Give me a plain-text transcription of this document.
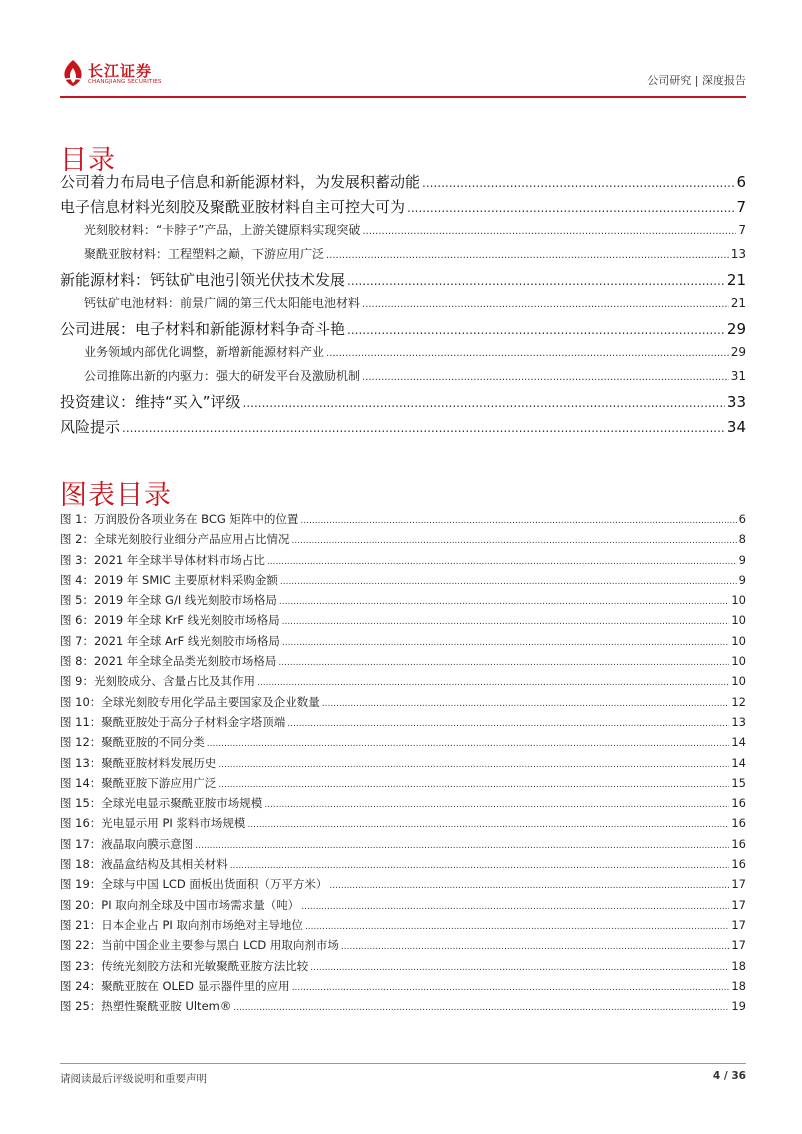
长江证券
CHANGJIANG SECURITIES	公司研究 | 深度报告
目录
公司着力布局电子信息和新能源材料，为发展积蓄动能 .....	6
电子信息材料光刻胶及聚酰亚胺材料自主可控大可为 .....	7
光刻胶材料：“卡脖子”产品，上游关键原料实现突破 .....	7
聚酰亚胺材料：工程塑料之巅，下游应用广泛 .....	13
新能源材料：钙钛矿电池引领光伏技术发展 .....	21
钙钛矿电池材料：前景广阔的第三代太阳能电池材料 .....	21
公司进展：电子材料和新能源材料争奇斗艳 .....	29
业务领域内部优化调整，新增新能源材料产业 .....	29
公司推陈出新的内驱力：强大的研发平台及激励机制 .....	31
投资建议：维持“买入”评级 .....	33
风险提示 .....	34
图表目录
图 1：万润股份各项业务在 BCG 矩阵中的位置 .....	6
图 2：全球光刻胶行业细分产品应用占比情况 .....	8
图 3：2021 年全球半导体材料市场占比 .....	9
图 4：2019 年 SMIC 主要原材料采购金额 .....	9
图 5：2019 年全球 G/I 线光刻胶市场格局 .....	10
图 6：2019 年全球 KrF 线光刻胶市场格局 .....	10
图 7：2021 年全球 ArF 线光刻胶市场格局 .....	10
图 8：2021 年全球全品类光刻胶市场格局 .....	10
图 9：光刻胶成分、含量占比及其作用 .....	10
图 10：全球光刻胶专用化学品主要国家及企业数量 .....	12
图 11：聚酰亚胺处于高分子材料金字塔顶端 .....	13
图 12：聚酰亚胺的不同分类 .....	14
图 13：聚酰亚胺材料发展历史 .....	14
图 14：聚酰亚胺下游应用广泛 .....	15
图 15：全球光电显示聚酰亚胺市场规模 .....	16
图 16：光电显示用 PI 浆料市场规模 .....	16
图 17：液晶取向膜示意图 .....	16
图 18：液晶盒结构及其相关材料 .....	16
图 19：全球与中国 LCD 面板出货面积（万平方米） .....	17
图 20：PI 取向剂全球及中国市场需求量（吨） .....	17
图 21：日本企业占 PI 取向剂市场绝对主导地位 .....	17
图 22：当前中国企业主要参与黑白 LCD 用取向剂市场 .....	17
图 23：传统光刻胶方法和光敏聚酰亚胺方法比较 .....	18
图 24：聚酰亚胺在 OLED 显示器件里的应用 .....	18
图 25：热塑性聚酰亚胺 Ultem® .....	19
请阅读最后评级说明和重要声明	4 / 36
